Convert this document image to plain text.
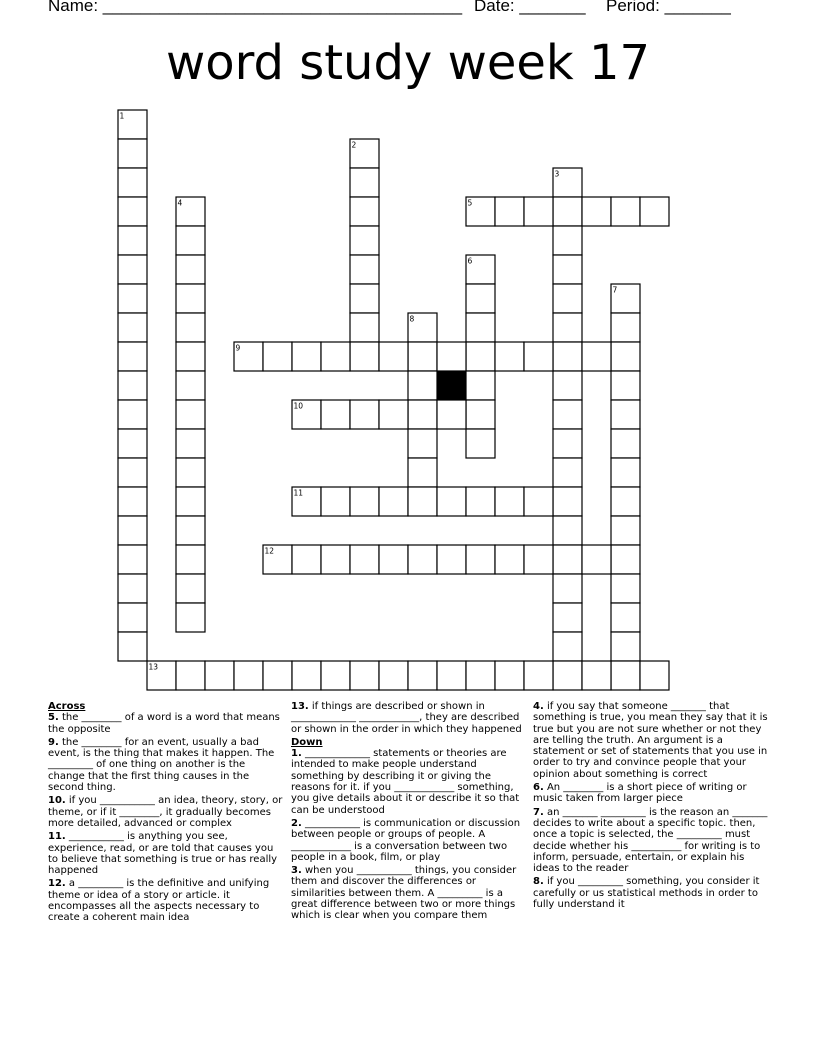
Name: ______________________________________ Date: _______ Period: _______
word study week 17
1
2
3
4	5
6
7
8
9
10
11
12
13

Across

5. the ________ of a word is a word that means the opposite

9. the ________ for an event, usually a bad event, is the thing that makes it happen. The _________ of one thing on another is the change that the first thing causes in the second thing.

10. if you ___________ an idea, theory, story, or theme, or if it ________, it gradually becomes more detailed, advanced or complex

11. ___________ is anything you see, experience, read, or are told that causes you to believe that something is true or has really happened

12. a _________ is the definitive and unifying theme or idea of a story or article. it encompasses all the aspects necessary to create a coherent main idea

13. if things are described or shown in _____________ ____________, they are described or shown in the order in which they happened

Down

1. _____________ statements or theories are intended to make people understand something by describing it or giving the reasons for it. if you ____________ something, you give details about it or describe it so that can be understood

2. ___________ is communication or discussion between people or groups of people. A ____________ is a conversation between two people in a book, film, or play

3. when you ___________ things, you consider them and discover the differences or similarities between them. A _________ is a great difference between two or more things which is clear when you compare them

4. if you say that someone _______ that something is true, you mean they say that it is true but you are not sure whether or not they are telling the truth. An argument is a statement or set of statements that you use in order to try and convince people that your opinion about something is correct

6. An ________ is a short piece of writing or music taken from larger piece

7. an _______ _________ is the reason an _______ decides to write about a specific topic. then, once a topic is selected, the _________ must decide whether his __________ for writing is to inform, persuade, entertain, or explain his ideas to the reader

8. if you _________ something, you consider it carefully or us statistical methods in order to fully understand it
